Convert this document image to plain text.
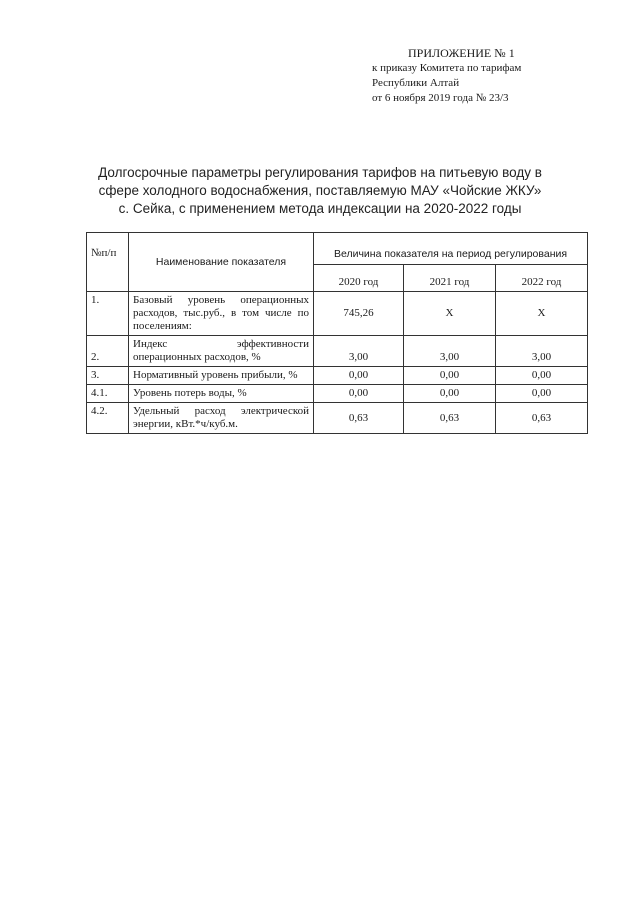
ПРИЛОЖЕНИЕ № 1
к приказу Комитета по тарифам
Республики Алтай
от 6 ноября 2019 года № 23/3
Долгосрочные параметры регулирования тарифов на питьевую воду в
сфере холодного водоснабжения, поставляемую МАУ «Чойские ЖКУ»
с. Сейка, с применением метода индексации на 2020-2022 годы
№п/п	Наименование показателя	Величина показателя на период регулирования		
		2020 год	2021 год	2022 год
1.	Базовый уровень операционных расходов, тыс.руб., в том числе по поселениям:	745,26	Х	Х
2.	Индекс эффективности операционных расходов, %	3,00	3,00	3,00
3.	Нормативный уровень прибыли, %	0,00	0,00	0,00
4.1.	Уровень потерь воды, %	0,00	0,00	0,00
4.2.	Удельный расход электрической энергии, кВт.*ч/куб.м.	0,63	0,63	0,63
